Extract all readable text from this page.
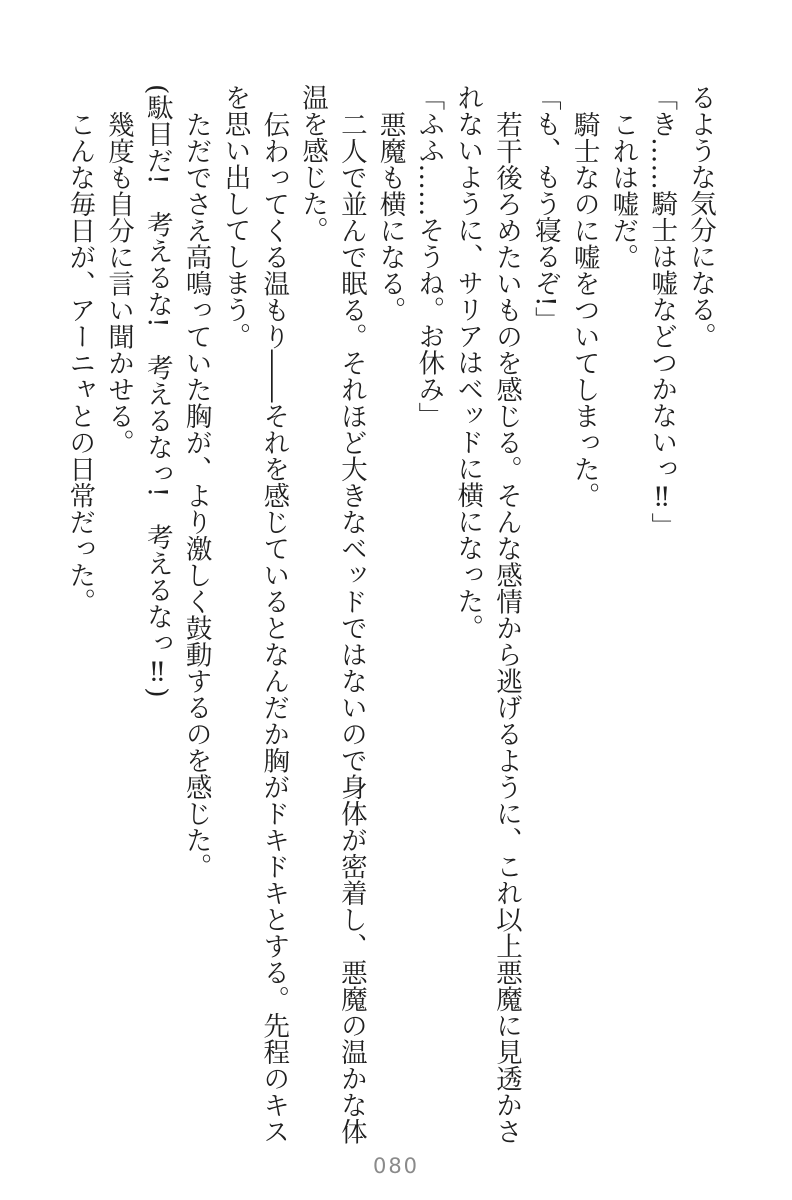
るような気分になる。

「き……騎士は嘘などつかないっ‼」

これは嘘だ。

騎士なのに嘘をついてしまった。

「も、もう寝るぞ!」

若干後ろめたいものを感じる。そんな感情から逃げるように、これ以上悪魔に見透かされないように、サリアはベッドに横になった。

「ふふ……そうね。お休み」

悪魔も横になる。

二人で並んで眠る。それほど大きなベッドではないので身体が密着し、悪魔の温かな体温を感じた。

伝わってくる温もり――それを感じているとなんだか胸がドキドキとする。先程のキスを思い出してしまう。

ただでさえ高鳴っていた胸が、より激しく鼓動するのを感じた。

(駄目だ!　考えるな!　考えるなっ!　考えるなっ‼)

幾度も自分に言い聞かせる。

こんな毎日が、アーニャとの日常だった。

080
